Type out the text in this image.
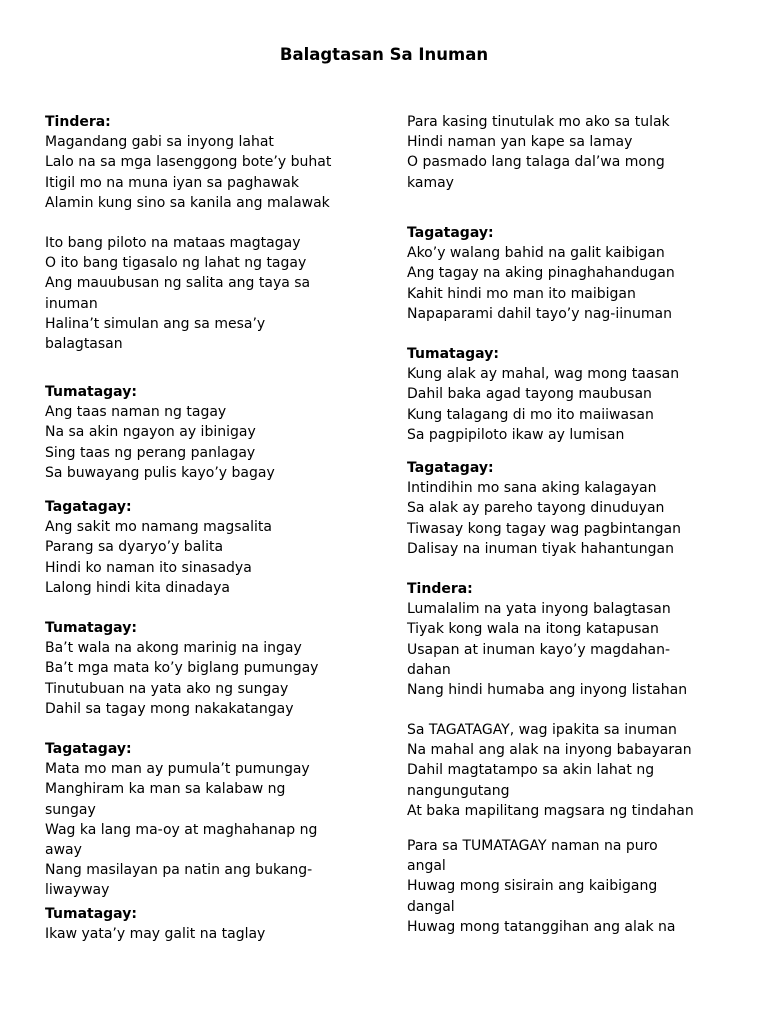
Balagtasan Sa Inuman
Tindera:
Magandang gabi sa inyong lahat
Lalo na sa mga lasenggong bote’y buhat
Itigil mo na muna iyan sa paghawak
Alamin kung sino sa kanila ang malawak
Ito bang piloto na mataas magtagay
O ito bang tigasalo ng lahat ng tagay
Ang mauubusan ng salita ang taya sa
inuman
Halina’t simulan ang sa mesa’y
balagtasan
Tumatagay:
Ang taas naman ng tagay
Na sa akin ngayon ay ibinigay
Sing taas ng perang panlagay
Sa buwayang pulis kayo’y bagay
Tagatagay:
Ang sakit mo namang magsalita
Parang sa dyaryo’y balita
Hindi ko naman ito sinasadya
Lalong hindi kita dinadaya
Tumatagay:
Ba’t wala na akong marinig na ingay
Ba’t mga mata ko’y biglang pumungay
Tinutubuan na yata ako ng sungay
Dahil sa tagay mong nakakatangay
Tagatagay:
Mata mo man ay pumula’t pumungay
Manghiram ka man sa kalabaw ng
sungay
Wag ka lang ma-oy at maghahanap ng
away
Nang masilayan pa natin ang bukang-
liwayway
Tumatagay:
Ikaw yata’y may galit na taglay
Para kasing tinutulak mo ako sa tulak
Hindi naman yan kape sa lamay
O pasmado lang talaga dal’wa mong
kamay
Tagatagay:
Ako’y walang bahid na galit kaibigan
Ang tagay na aking pinaghahandugan
Kahit hindi mo man ito maibigan
Napaparami dahil tayo’y nag-iinuman
Tumatagay:
Kung alak ay mahal, wag mong taasan
Dahil baka agad tayong maubusan
Kung talagang di mo ito maiiwasan
Sa pagpipiloto ikaw ay lumisan
Tagatagay:
Intindihin mo sana aking kalagayan
Sa alak ay pareho tayong dinuduyan
Tiwasay kong tagay wag pagbintangan
Dalisay na inuman tiyak hahantungan
Tindera:
Lumalalim na yata inyong balagtasan
Tiyak kong wala na itong katapusan
Usapan at inuman kayo’y magdahan-
dahan
Nang hindi humaba ang inyong listahan
Sa TAGATAGAY, wag ipakita sa inuman
Na mahal ang alak na inyong babayaran
Dahil magtatampo sa akin lahat ng
nangungutang
At baka mapilitang magsara ng tindahan
Para sa TUMATAGAY naman na puro
angal
Huwag mong sisirain ang kaibigang
dangal
Huwag mong tatanggihan ang alak na
